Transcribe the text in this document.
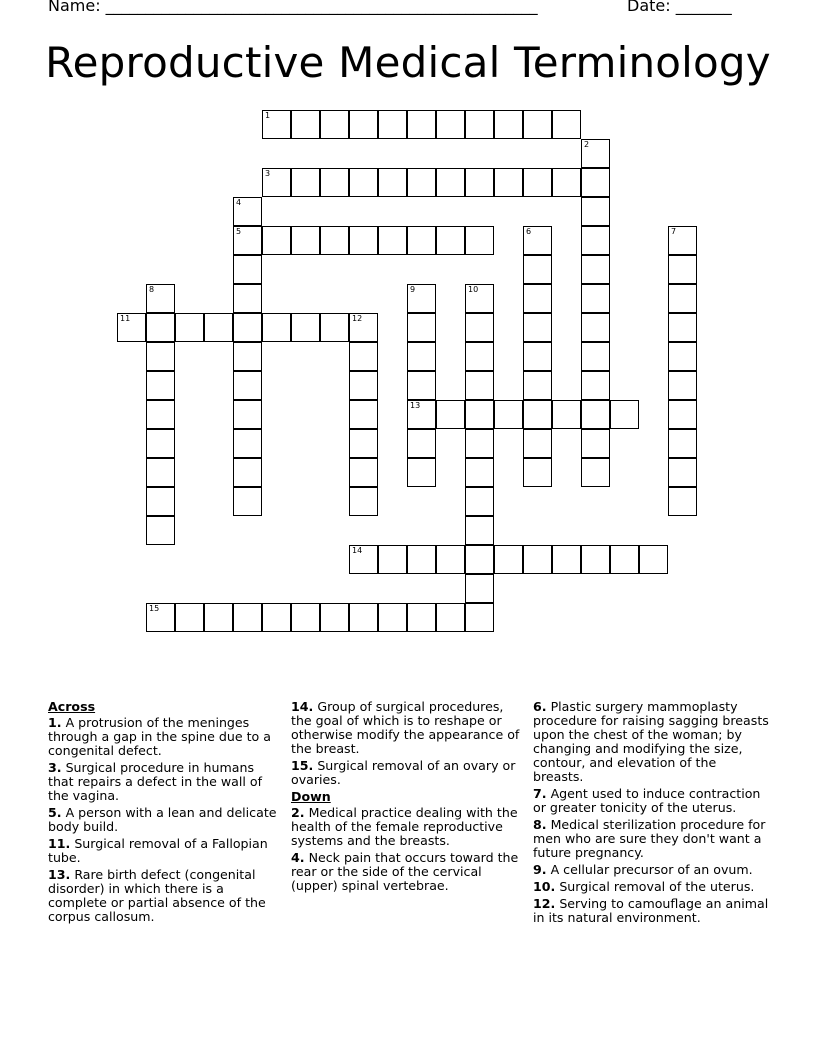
Name: ______________________________________________________	Date: _______
Reproductive Medical Terminology
1
3
5
11	12
13
14
15
2
4
6	7
8	9	10
Across
1. A protrusion of the meninges through a gap in the spine due to a congenital defect.
3. Surgical procedure in humans that repairs a defect in the wall of the vagina.
5. A person with a lean and delicate body build.
11. Surgical removal of a Fallopian tube.
13. Rare birth defect (congenital disorder) in which there is a complete or partial absence of the corpus callosum.
14. Group of surgical procedures, the goal of which is to reshape or otherwise modify the appearance of the breast.
15. Surgical removal of an ovary or ovaries.
Down
2. Medical practice dealing with the health of the female reproductive systems and the breasts.
4. Neck pain that occurs toward the rear or the side of the cervical (upper) spinal vertebrae.
6. Plastic surgery mammoplasty procedure for raising sagging breasts upon the chest of the woman; by changing and modifying the size, contour, and elevation of the breasts.
7. Agent used to induce contraction or greater tonicity of the uterus.
8. Medical sterilization procedure for men who are sure they don't want a future pregnancy.
9. A cellular precursor of an ovum.
10. Surgical removal of the uterus.
12. Serving to camouflage an animal in its natural environment.
